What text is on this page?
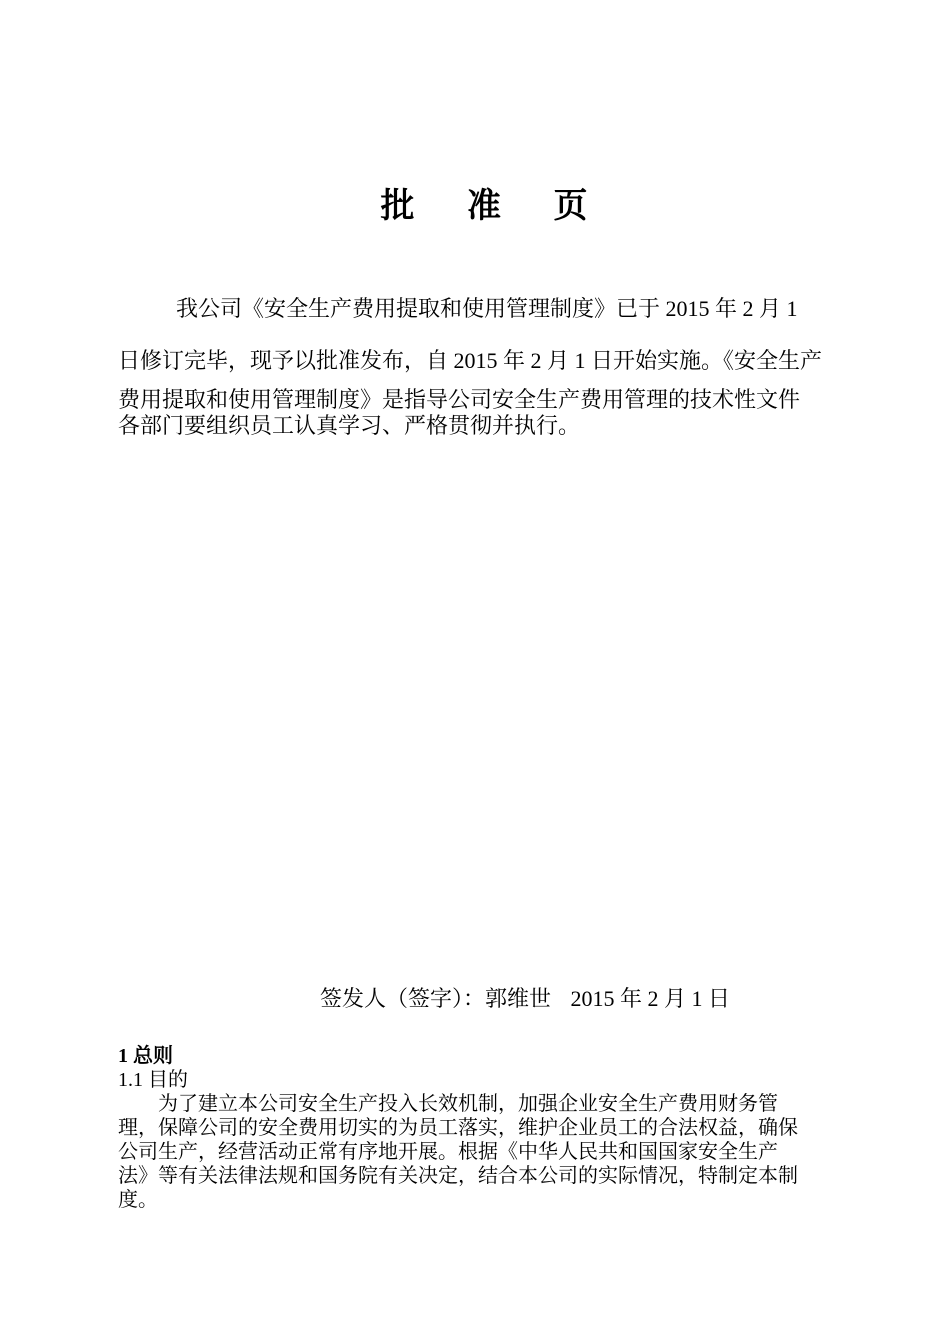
批 准 页
我公司《安全生产费用提取和使用管理制度》已于 2015 年 2 月 1
日修订完毕，现予以批准发布，自 2015 年 2 月 1 日开始实施。《安全生产
费用提取和使用管理制度》是指导公司安全生产费用管理的技术性文件
各部门要组织员工认真学习、严格贯彻并执行。
签发人（签字）：郭维世 2015 年 2 月 1 日
1 总则
1.1 目的
为了建立本公司安全生产投入长效机制，加强企业安全生产费用财务管
理，保障公司的安全费用切实的为员工落实，维护企业员工的合法权益，确保
公司生产，经营活动正常有序地开展。根据《中华人民共和国国家安全生产
法》等有关法律法规和国务院有关决定，结合本公司的实际情况，特制定本制
度。
